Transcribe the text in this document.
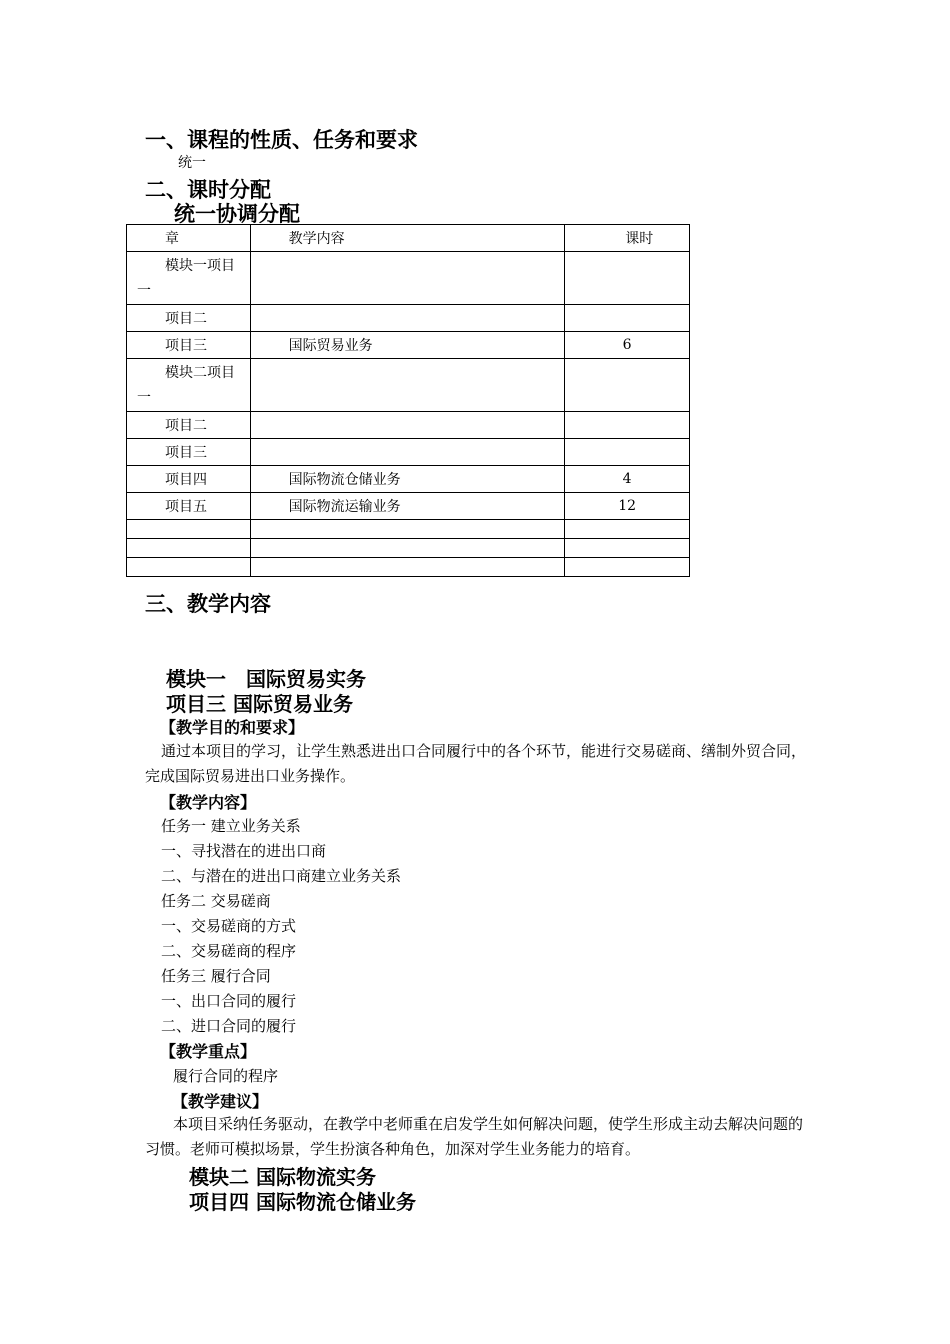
一、课程的性质、任务和要求
统一
二、课时分配
统一协调分配
章	教学内容	课时

模块一项目一		

项目二		

项目三	国际贸易业务	6

模块二项目一		

项目二		

项目三		

项目四	国际物流仓储业务	4

项目五	国际物流运输业务	12

三、教学内容
模块一　国际贸易实务
项目三 国际贸易业务
【教学目的和要求】
通过本项目的学习，让学生熟悉进出口合同履行中的各个环节，能进行交易磋商、缮制外贸合同，完成国际贸易进出口业务操作。
【教学内容】
任务一 建立业务关系
一、寻找潜在的进出口商
二、与潜在的进出口商建立业务关系
任务二 交易磋商
一、交易磋商的方式
二、交易磋商的程序
任务三 履行合同
一、出口合同的履行
二、进口合同的履行
【教学重点】
履行合同的程序
【教学建议】
本项目采纳任务驱动，在教学中老师重在启发学生如何解决问题，使学生形成主动去解决问题的习惯。老师可模拟场景，学生扮演各种角色，加深对学生业务能力的培育。
模块二 国际物流实务
项目四 国际物流仓储业务
